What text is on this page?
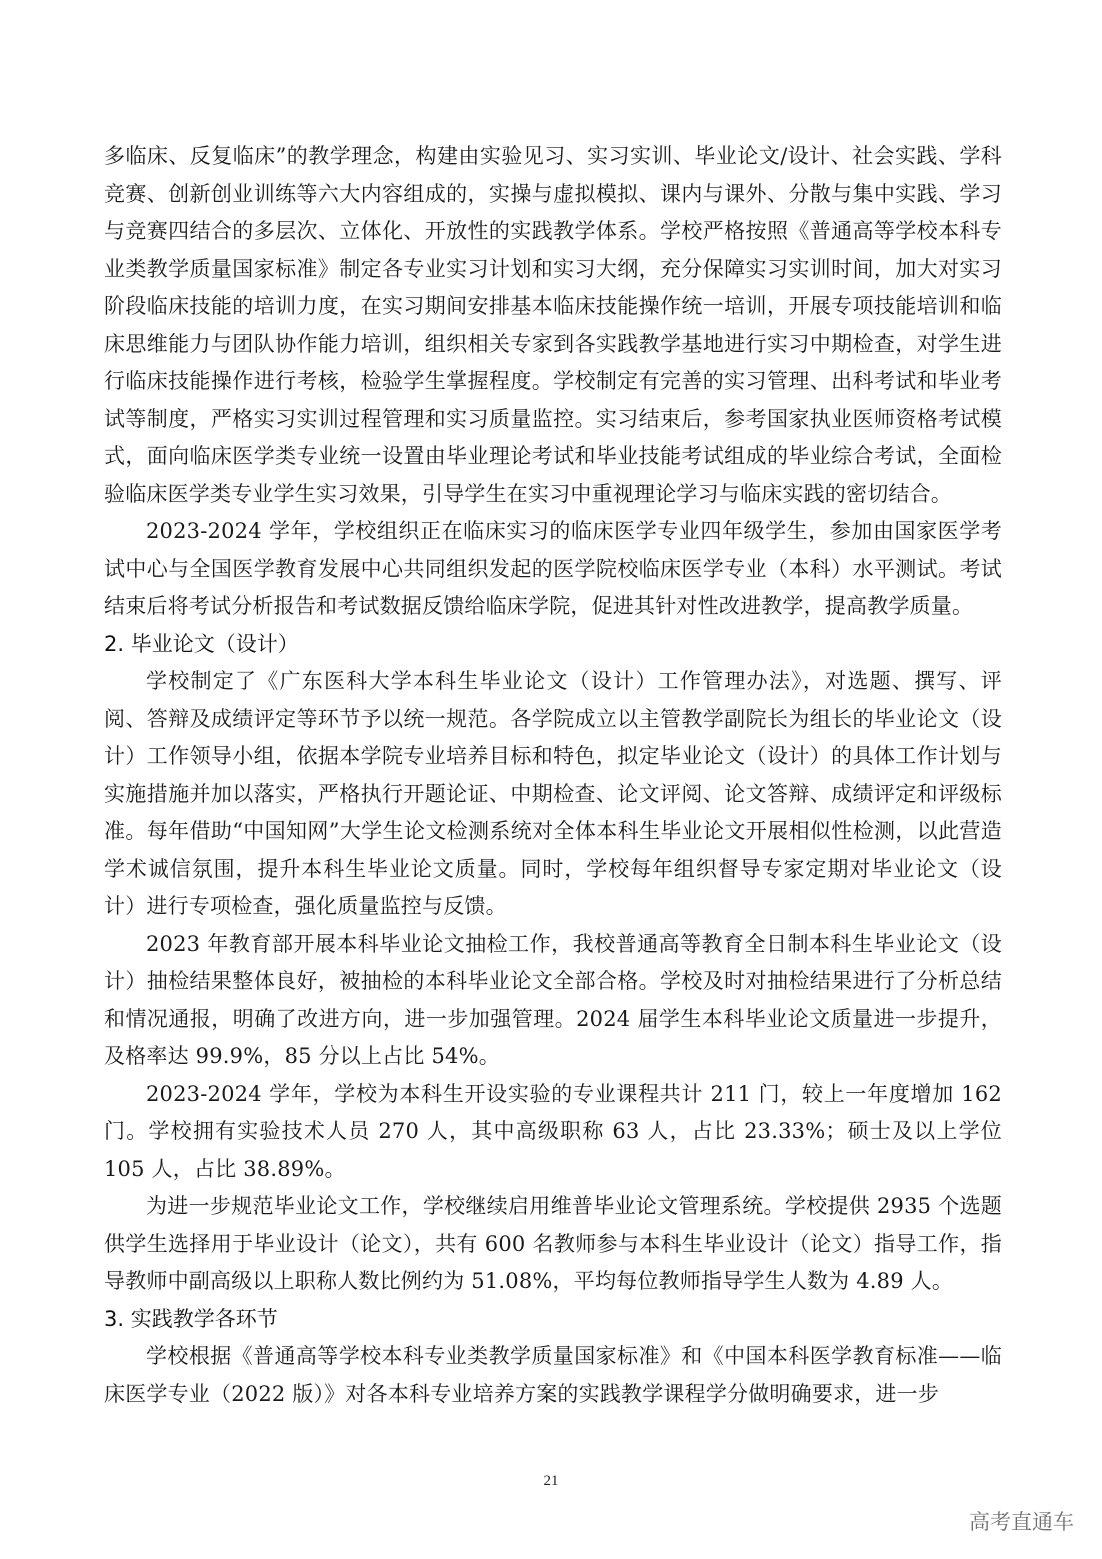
多临床、反复临床”的教学理念，构建由实验见习、实习实训、毕业论文/设计、社会实践、学科竞赛、创新创业训练等六大内容组成的，实操与虚拟模拟、课内与课外、分散与集中实践、学习与竞赛四结合的多层次、立体化、开放性的实践教学体系。学校严格按照《普通高等学校本科专业类教学质量国家标准》制定各专业实习计划和实习大纲，充分保障实习实训时间，加大对实习阶段临床技能的培训力度，在实习期间安排基本临床技能操作统一培训，开展专项技能培训和临床思维能力与团队协作能力培训，组织相关专家到各实践教学基地进行实习中期检查，对学生进行临床技能操作进行考核，检验学生掌握程度。学校制定有完善的实习管理、出科考试和毕业考试等制度，严格实习实训过程管理和实习质量监控。实习结束后，参考国家执业医师资格考试模式，面向临床医学类专业统一设置由毕业理论考试和毕业技能考试组成的毕业综合考试，全面检验临床医学类专业学生实习效果，引导学生在实习中重视理论学习与临床实践的密切结合。

2023-2024 学年，学校组织正在临床实习的临床医学专业四年级学生，参加由国家医学考试中心与全国医学教育发展中心共同组织发起的医学院校临床医学专业（本科）水平测试。考试结束后将考试分析报告和考试数据反馈给临床学院，促进其针对性改进教学，提高教学质量。

2. 毕业论文（设计）

学校制定了《广东医科大学本科生毕业论文（设计）工作管理办法》，对选题、撰写、评阅、答辩及成绩评定等环节予以统一规范。各学院成立以主管教学副院长为组长的毕业论文（设计）工作领导小组，依据本学院专业培养目标和特色，拟定毕业论文（设计）的具体工作计划与实施措施并加以落实，严格执行开题论证、中期检查、论文评阅、论文答辩、成绩评定和评级标准。每年借助“中国知网”大学生论文检测系统对全体本科生毕业论文开展相似性检测，以此营造学术诚信氛围，提升本科生毕业论文质量。同时，学校每年组织督导专家定期对毕业论文（设计）进行专项检查，强化质量监控与反馈。

2023 年教育部开展本科毕业论文抽检工作，我校普通高等教育全日制本科生毕业论文（设计）抽检结果整体良好，被抽检的本科毕业论文全部合格。学校及时对抽检结果进行了分析总结和情况通报，明确了改进方向，进一步加强管理。2024 届学生本科毕业论文质量进一步提升，及格率达 99.9%，85 分以上占比 54%。

2023-2024 学年，学校为本科生开设实验的专业课程共计 211 门，较上一年度增加 162 门。学校拥有实验技术人员 270 人，其中高级职称 63 人，占比 23.33%；硕士及以上学位 105 人，占比 38.89%。

为进一步规范毕业论文工作，学校继续启用维普毕业论文管理系统。学校提供 2935 个选题供学生选择用于毕业设计（论文），共有 600 名教师参与本科生毕业设计（论文）指导工作，指导教师中副高级以上职称人数比例约为 51.08%，平均每位教师指导学生人数为 4.89 人。

3. 实践教学各环节

学校根据《普通高等学校本科专业类教学质量国家标准》和《中国本科医学教育标准——临床医学专业（2022 版）》对各本科专业培养方案的实践教学课程学分做明确要求，进一步

21
高考直通车
